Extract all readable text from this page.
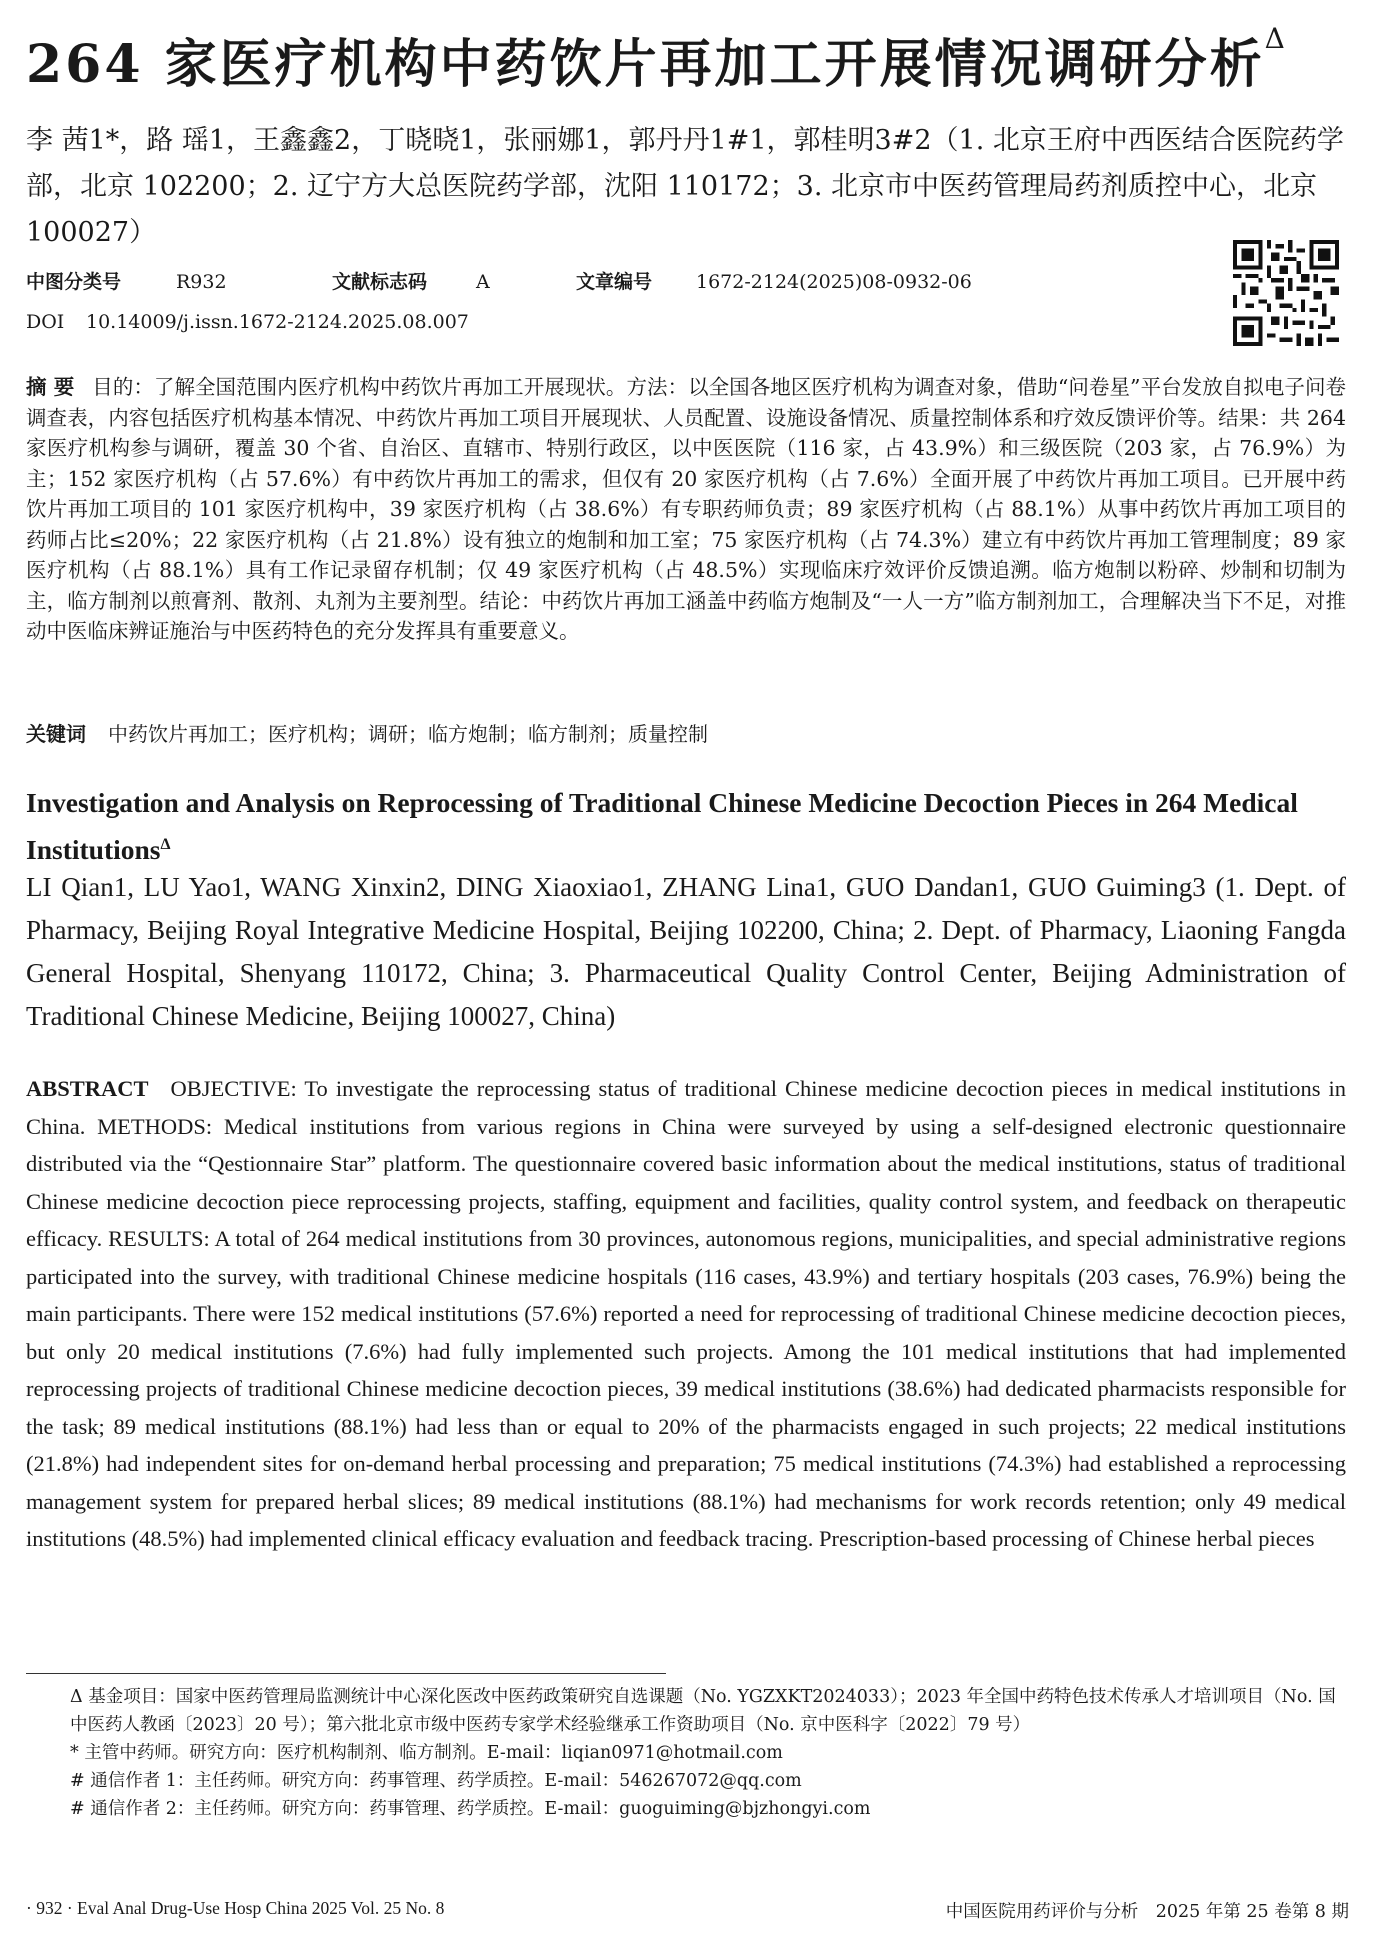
264 家医疗机构中药饮片再加工开展情况调研分析$^\Delta$
李 茜1*，路 瑶1，王鑫鑫2，丁晓晓1，张丽娜1，郭丹丹1#1，郭桂明3#2（1. 北京王府中西医结合医院药学部，北京 102200；2. 辽宁方大总医院药学部，沈阳 110172；3. 北京市中医药管理局药剂质控中心，北京 100027）
中图分类号	R932	文献标志码	A	文章编号 1672-2124(2025)08-0932-06
DOI 10.14009/j.issn.1672-2124.2025.08.007
摘 要 目的：了解全国范围内医疗机构中药饮片再加工开展现状。方法：以全国各地区医疗机构为调查对象，借助“问卷星”平台发放自拟电子问卷调查表，内容包括医疗机构基本情况、中药饮片再加工项目开展现状、人员配置、设施设备情况、质量控制体系和疗效反馈评价等。结果：共 264 家医疗机构参与调研，覆盖 30 个省、自治区、直辖市、特别行政区，以中医医院（116 家，占 43.9%）和三级医院（203 家，占 76.9%）为主；152 家医疗机构（占 57.6%）有中药饮片再加工的需求，但仅有 20 家医疗机构（占 7.6%）全面开展了中药饮片再加工项目。已开展中药饮片再加工项目的 101 家医疗机构中，39 家医疗机构（占 38.6%）有专职药师负责；89 家医疗机构（占 88.1%）从事中药饮片再加工项目的药师占比≤20%；22 家医疗机构（占 21.8%）设有独立的炮制和加工室；75 家医疗机构（占 74.3%）建立有中药饮片再加工管理制度；89 家医疗机构（占 88.1%）具有工作记录留存机制；仅 49 家医疗机构（占 48.5%）实现临床疗效评价反馈追溯。临方炮制以粉碎、炒制和切制为主，临方制剂以煎膏剂、散剂、丸剂为主要剂型。结论：中药饮片再加工涵盖中药临方炮制及“一人一方”临方制剂加工，合理解决当下不足，对推动中医临床辨证施治与中医药特色的充分发挥具有重要意义。
关键词 中药饮片再加工；医疗机构；调研；临方炮制；临方制剂；质量控制
Investigation and Analysis on Reprocessing of Traditional Chinese Medicine Decoction Pieces in 264 Medical Institutions$^\Delta$
LI Qian1, LU Yao1, WANG Xinxin2, DING Xiaoxiao1, ZHANG Lina1, GUO Dandan1, GUO Guiming3 (1. Dept. of Pharmacy, Beijing Royal Integrative Medicine Hospital, Beijing 102200, China; 2. Dept. of Pharmacy, Liaoning Fangda General Hospital, Shenyang 110172, China; 3. Pharmaceutical Quality Control Center, Beijing Administration of Traditional Chinese Medicine, Beijing 100027, China)
ABSTRACT OBJECTIVE: To investigate the reprocessing status of traditional Chinese medicine decoction pieces in medical institutions in China. METHODS: Medical institutions from various regions in China were surveyed by using a self-designed electronic questionnaire distributed via the “Qestionnaire Star” platform. The questionnaire covered basic information about the medical institutions, status of traditional Chinese medicine decoction piece reprocessing projects, staffing, equipment and facilities, quality control system, and feedback on therapeutic efficacy. RESULTS: A total of 264 medical institutions from 30 provinces, autonomous regions, municipalities, and special administrative regions participated into the survey, with traditional Chinese medicine hospitals (116 cases, 43.9%) and tertiary hospitals (203 cases, 76.9%) being the main participants. There were 152 medical institutions (57.6%) reported a need for reprocessing of traditional Chinese medicine decoction pieces, but only 20 medical institutions (7.6%) had fully implemented such projects. Among the 101 medical institutions that had implemented reprocessing projects of traditional Chinese medicine decoction pieces, 39 medical institutions (38.6%) had dedicated pharmacists responsible for the task; 89 medical institutions (88.1%) had less than or equal to 20% of the pharmacists engaged in such projects; 22 medical institutions (21.8%) had independent sites for on-demand herbal processing and preparation; 75 medical institutions (74.3%) had established a reprocessing management system for prepared herbal slices; 89 medical institutions (88.1%) had mechanisms for work records retention; only 49 medical institutions (48.5%) had implemented clinical efficacy evaluation and feedback tracing. Prescription-based processing of Chinese herbal pieces
Δ 基金项目：国家中医药管理局监测统计中心深化医改中医药政策研究自选课题（No. YGZXKT2024033）；2023 年全国中药特色技术传承人才培训项目（No. 国中医药人教函〔2023〕20 号）；第六批北京市级中医药专家学术经验继承工作资助项目（No. 京中医科字〔2022〕79 号）
* 主管中药师。研究方向：医疗机构制剂、临方制剂。E-mail：liqian0971@hotmail.com
# 通信作者 1：主任药师。研究方向：药事管理、药学质控。E-mail：546267072@qq.com
# 通信作者 2：主任药师。研究方向：药事管理、药学质控。E-mail：guoguiming@bjzhongyi.com
· 932 · Eval Anal Drug-Use Hosp China 2025 Vol. 25 No. 8	中国医院用药评价与分析　2025 年第 25 卷第 8 期
